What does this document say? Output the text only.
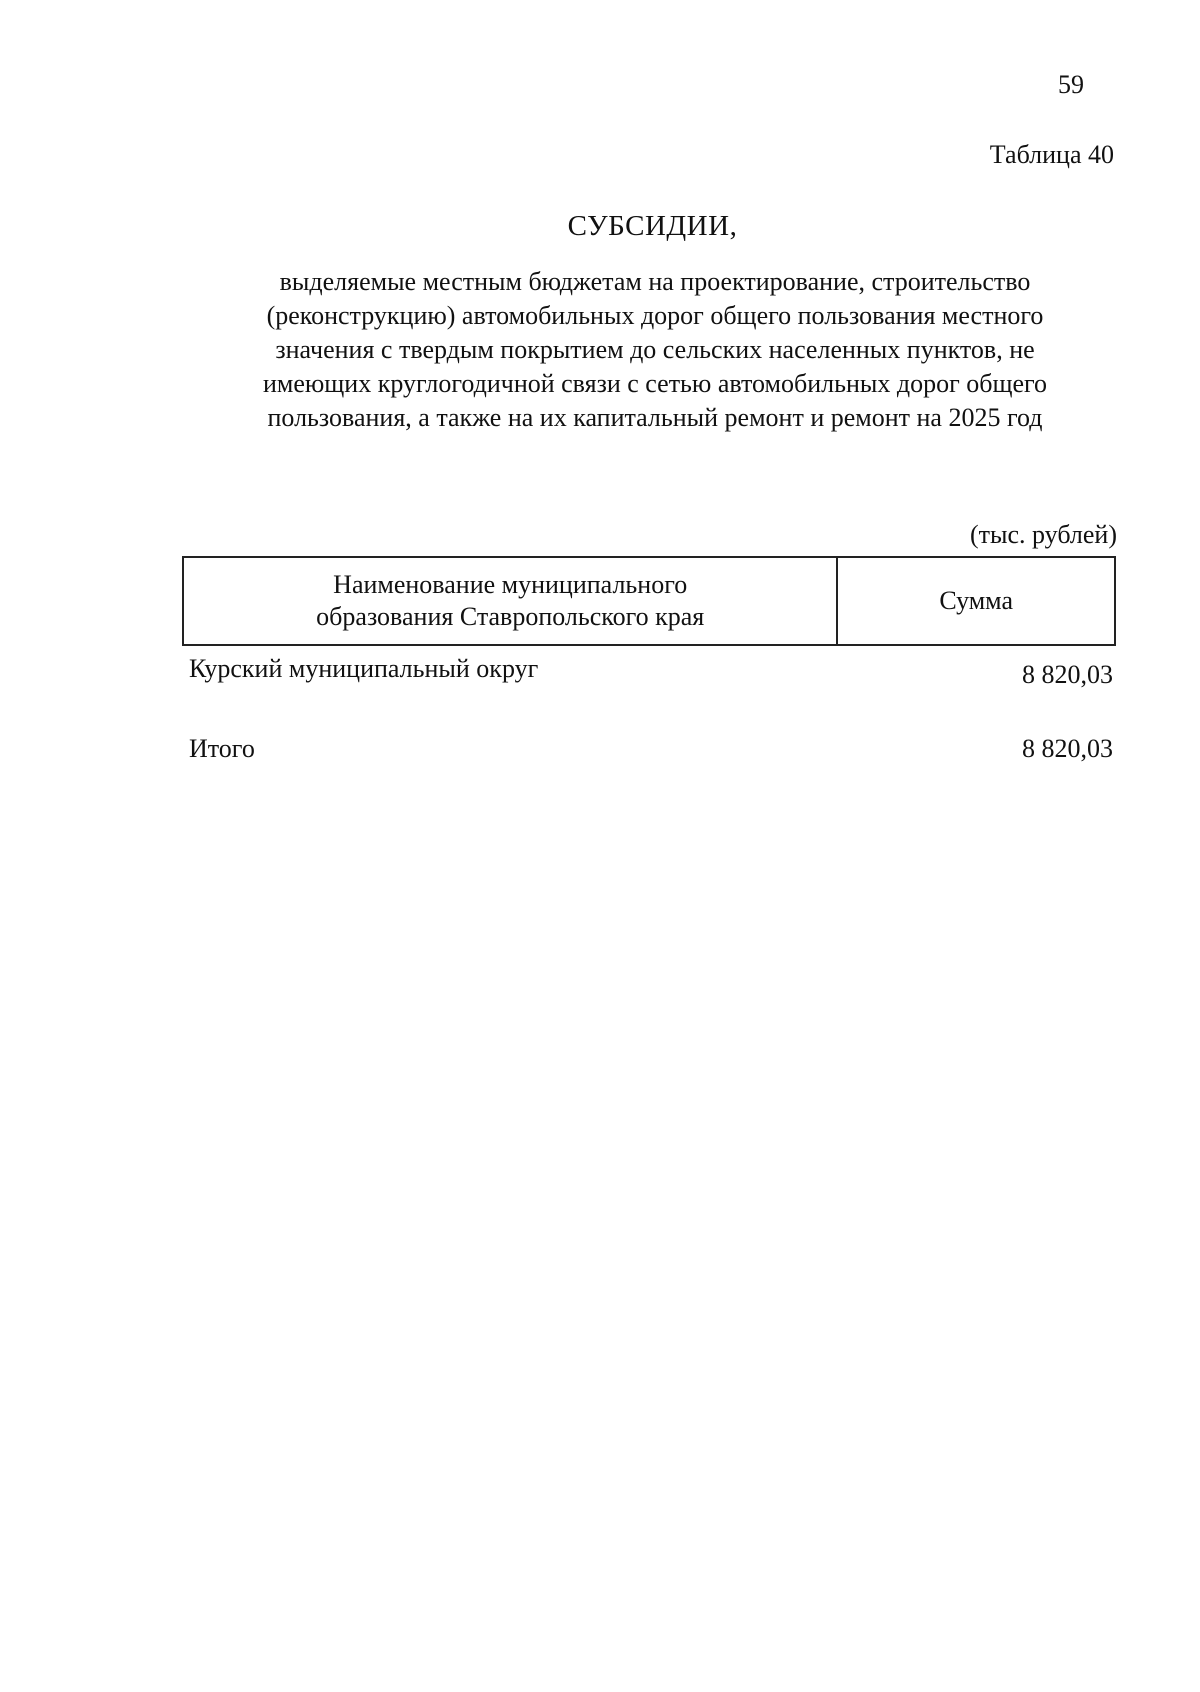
59
Таблица 40
СУБСИДИИ,
выделяемые местным бюджетам на проектирование, строительство
(реконструкцию) автомобильных дорог общего пользования местного
значения с твердым покрытием до сельских населенных пунктов, не
имеющих круглогодичной связи с сетью автомобильных дорог общего
пользования, а также на их капитальный ремонт и ремонт на 2025 год
(тыс. рублей)
Наименование муниципального
образования Ставропольского края	Сумма
Курский муниципальный округ	8 820,03
Итого	8 820,03
